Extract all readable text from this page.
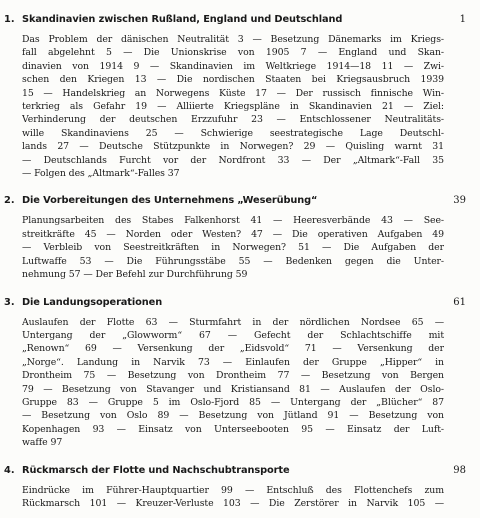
1. Skandinavien zwischen Rußland, England und Deutschland	1
Das Problem der dänischen Neutralität 3 — Besetzung Dänemarks im Kriegs-
fall abgelehnt 5 — Die Unionskrise von 1905 7 — England und Skan-
dinavien von 1914 9 — Skandinavien im Weltkriege 1914—18 11 — Zwi-
schen den Kriegen 13 — Die nordischen Staaten bei Kriegsausbruch 1939
15 — Handelskrieg an Norwegens Küste 17 — Der russisch finnische Win-
terkrieg als Gefahr 19 — Alliierte Kriegspläne in Skandinavien 21 — Ziel:
Verhinderung der deutschen Erzzufuhr 23 — Entschlossener Neutralitäts-
wille Skandinaviens 25 — Schwierige seestrategische Lage Deutschl-
lands 27 — Deutsche Stützpunkte in Norwegen? 29 — Quisling warnt 31
— Deutschlands Furcht vor der Nordfront 33 — Der „Altmark“-Fall 35
— Folgen des „Altmark“-Falles 37
2. Die Vorbereitungen des Unternehmens „Weserübung“	39
Planungsarbeiten des Stabes Falkenhorst 41 — Heeresverbände 43 — See-
streitkräfte 45 — Norden oder Westen? 47 — Die operativen Aufgaben 49
— Verbleib von Seestreitkräften in Norwegen? 51 — Die Aufgaben der
Luftwaffe 53 — Die Führungsstäbe 55 — Bedenken gegen die Unter-
nehmung 57 — Der Befehl zur Durchführung 59
3. Die Landungsoperationen	61
Auslaufen der Flotte 63 — Sturmfahrt in der nördlichen Nordsee 65 —
Untergang der „Glowworm“ 67 — Gefecht der Schlachtschiffe mit
„Renown“ 69 — Versenkung der „Eidsvold“ 71 — Versenkung der
„Norge“. Landung in Narvik 73 — Einlaufen der Gruppe „Hipper“ in
Drontheim 75 — Besetzung von Drontheim 77 — Besetzung von Bergen
79 — Besetzung von Stavanger und Kristiansand 81 — Auslaufen der Oslo-
Gruppe 83 — Gruppe 5 im Oslo-Fjord 85 — Untergang der „Blücher“ 87
— Besetzung von Oslo 89 — Besetzung von Jütland 91 — Besetzung von
Kopenhagen 93 — Einsatz von Unterseebooten 95 — Einsatz der Luft-
waffe 97
4. Rückmarsch der Flotte und Nachschubtransporte	98
Eindrücke im Führer-Hauptquartier 99 — Entschluß des Flottenchefs zum
Rückmarsch 101 — Kreuzer-Verluste 103 — Die Zerstörer in Narvik 105 —
